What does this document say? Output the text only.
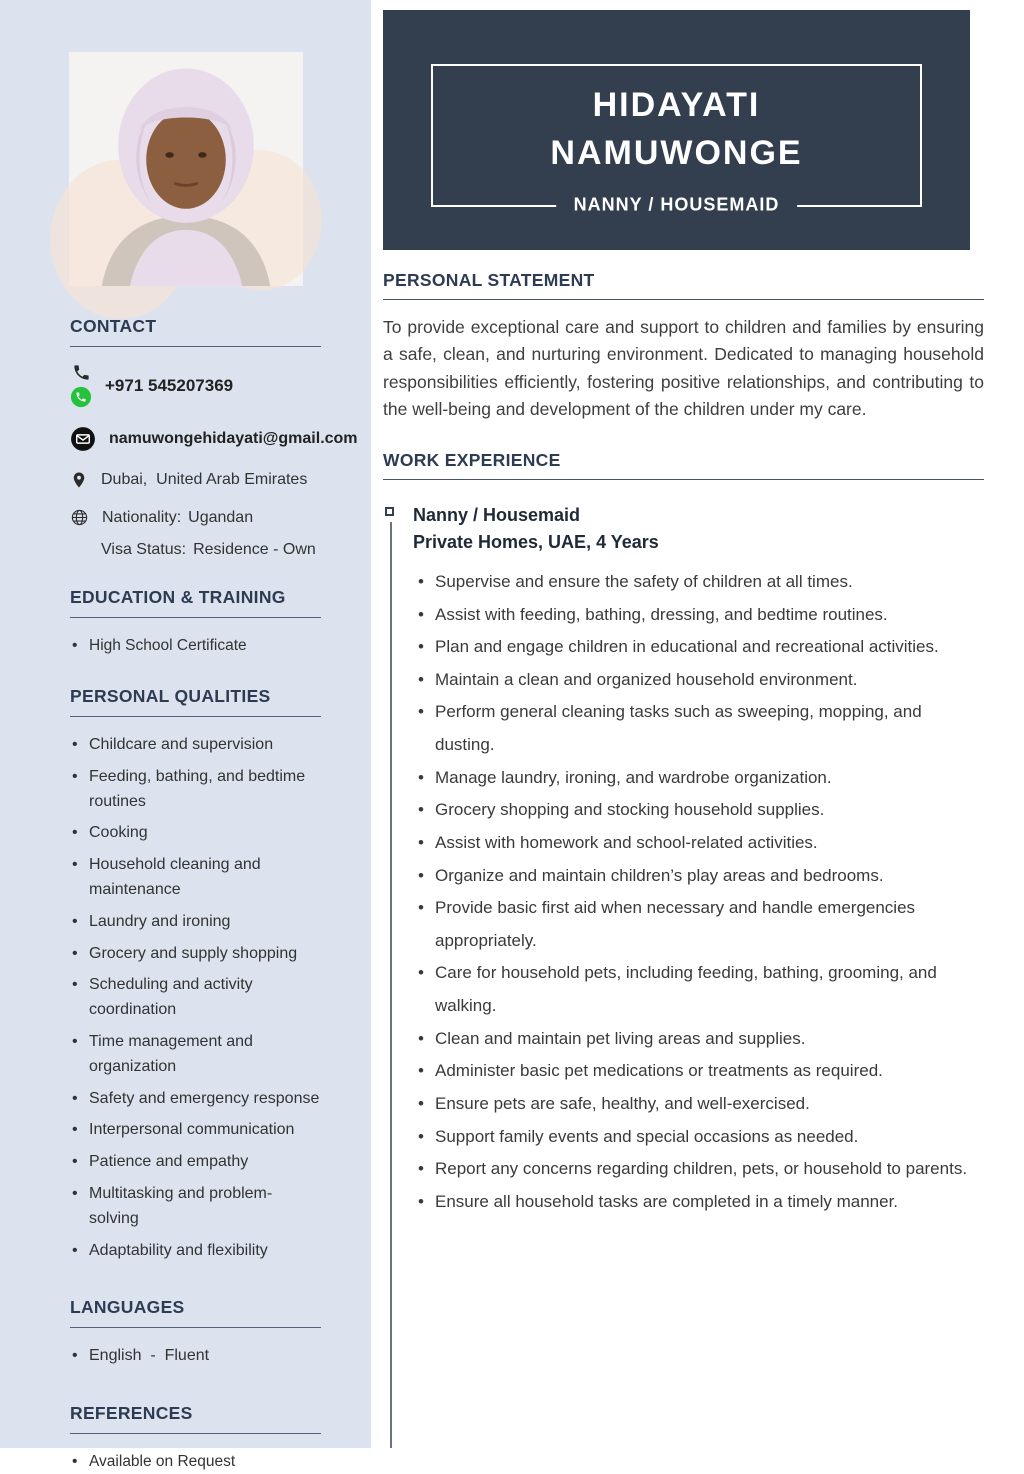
CONTACT
+971 545207369
namuwongehidayati@gmail.com
Dubai,  United Arab Emirates
Nationality: Ugandan
Visa Status: Residence - Own
EDUCATION & TRAINING
• High School Certificate
PERSONAL QUALITIES
• Childcare and supervision
• Feeding, bathing, and bedtime routines
• Cooking
• Household cleaning and maintenance
• Laundry and ironing
• Grocery and supply shopping
• Scheduling and activity coordination
• Time management and organization
• Safety and emergency response
• Interpersonal communication
• Patience and empathy
• Multitasking and problem-solving
• Adaptability and flexibility
LANGUAGES
• English  -  Fluent
REFERENCES
• Available on Request
HIDAYATI
NAMUWONGE
NANNY / HOUSEMAID
PERSONAL STATEMENT

To provide exceptional care and support to children and families by ensuring a safe, clean, and nurturing environment. Dedicated to managing household responsibilities efficiently, fostering positive relationships, and contributing to the well-being and development of the children under my care.

WORK EXPERIENCE
Nanny / Housemaid
Private Homes, UAE, 4 Years
• Supervise and ensure the safety of children at all times.
• Assist with feeding, bathing, dressing, and bedtime routines.
• Plan and engage children in educational and recreational activities.
• Maintain a clean and organized household environment.
• Perform general cleaning tasks such as sweeping, mopping, and dusting.
• Manage laundry, ironing, and wardrobe organization.
• Grocery shopping and stocking household supplies.
• Assist with homework and school-related activities.
• Organize and maintain children’s play areas and bedrooms.
• Provide basic first aid when necessary and handle emergencies appropriately.
• Care for household pets, including feeding, bathing, grooming, and walking.
• Clean and maintain pet living areas and supplies.
• Administer basic pet medications or treatments as required.
• Ensure pets are safe, healthy, and well-exercised.
• Support family events and special occasions as needed.
• Report any concerns regarding children, pets, or household to parents.
• Ensure all household tasks are completed in a timely manner.
